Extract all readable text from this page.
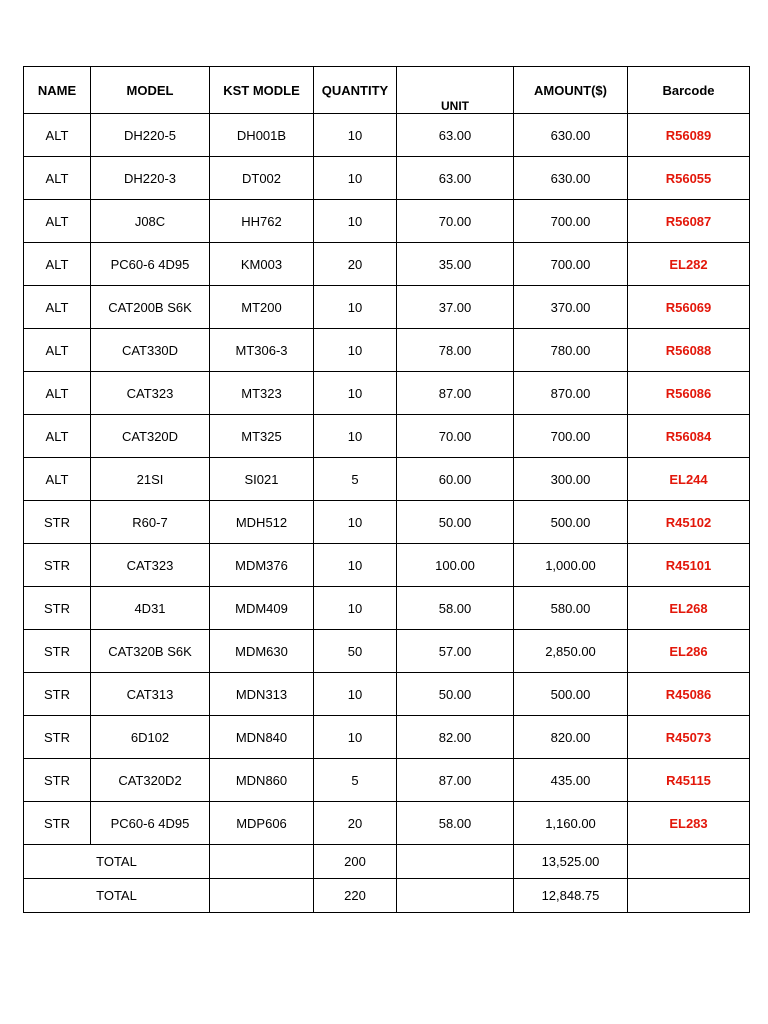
NAME	MODEL	KST MODLE	QUANTITY	UNIT	AMOUNT($)	Barcode
ALT	DH220-5	DH001B	10	63.00	630.00	R56089
ALT	DH220-3	DT002	10	63.00	630.00	R56055
ALT	J08C	HH762	10	70.00	700.00	R56087
ALT	PC60-6 4D95	KM003	20	35.00	700.00	EL282
ALT	CAT200B S6K	MT200	10	37.00	370.00	R56069
ALT	CAT330D	MT306-3	10	78.00	780.00	R56088
ALT	CAT323	MT323	10	87.00	870.00	R56086
ALT	CAT320D	MT325	10	70.00	700.00	R56084
ALT	21SI	SI021	5	60.00	300.00	EL244
STR	R60-7	MDH512	10	50.00	500.00	R45102
STR	CAT323	MDM376	10	100.00	1,000.00	R45101
STR	4D31	MDM409	10	58.00	580.00	EL268
STR	CAT320B S6K	MDM630	50	57.00	2,850.00	EL286
STR	CAT313	MDN313	10	50.00	500.00	R45086
STR	6D102	MDN840	10	82.00	820.00	R45073
STR	CAT320D2	MDN860	5	87.00	435.00	R45115
STR	PC60-6 4D95	MDP606	20	58.00	1,160.00	EL283
TOTAL			200		13,525.00	
TOTAL			220		12,848.75	
